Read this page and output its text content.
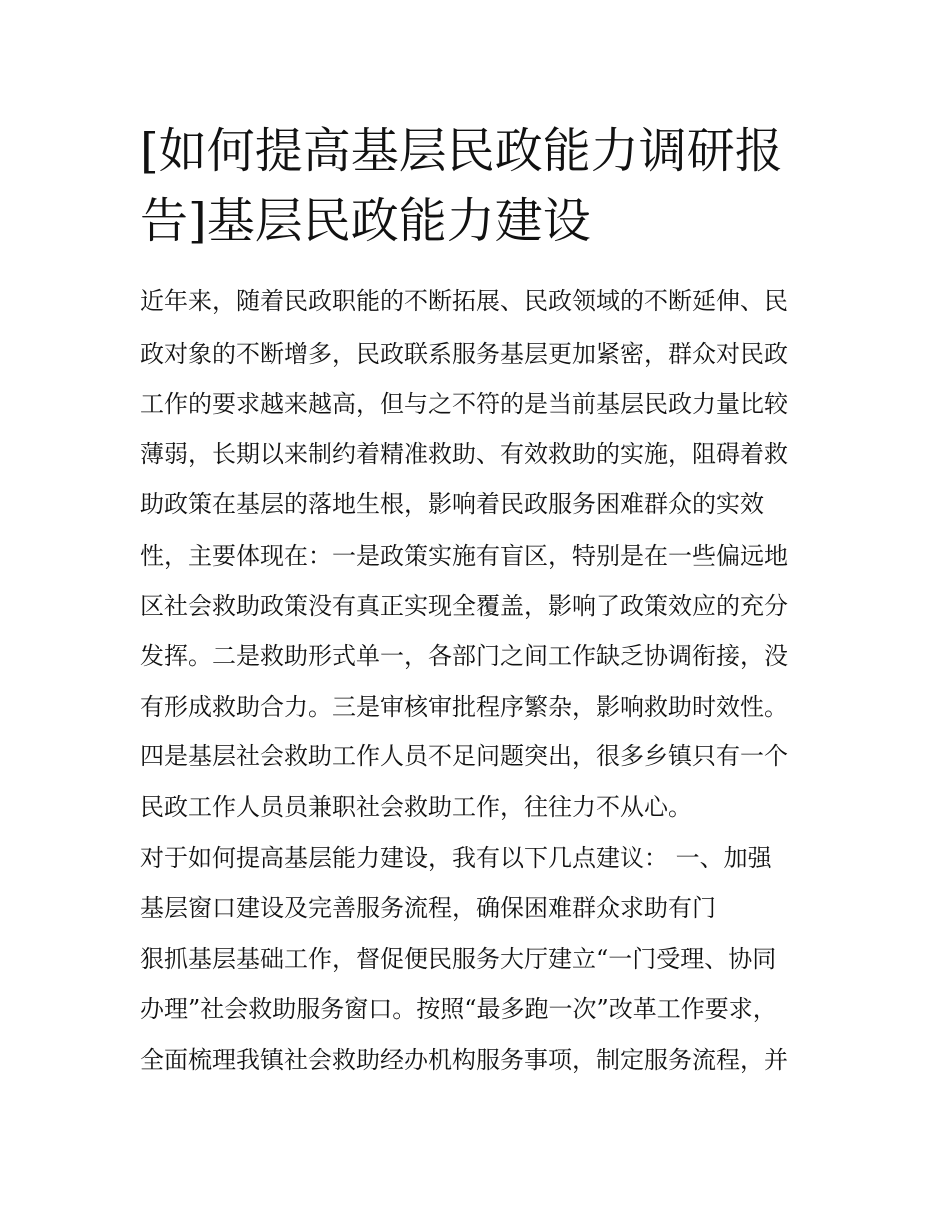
[如何提高基层民政能力调研报告]基层民政能力建设
近年来，随着民政职能的不断拓展、民政领域的不断延伸、民
政对象的不断增多，民政联系服务基层更加紧密，群众对民政
工作的要求越来越高，但与之不符的是当前基层民政力量比较
薄弱，长期以来制约着精准救助、有效救助的实施，阻碍着救
助政策在基层的落地生根，影响着民政服务困难群众的实效
性，主要体现在：一是政策实施有盲区，特别是在一些偏远地
区社会救助政策没有真正实现全覆盖，影响了政策效应的充分
发挥。二是救助形式单一，各部门之间工作缺乏协调衔接，没
有形成救助合力。三是审核审批程序繁杂，影响救助时效性。
四是基层社会救助工作人员不足问题突出，很多乡镇只有一个
民政工作人员员兼职社会救助工作，往往力不从心。
对于如何提高基层能力建设，我有以下几点建议： 一、加强
基层窗口建设及完善服务流程，确保困难群众求助有门
狠抓基层基础工作，督促便民服务大厅建立“一门受理、协同
办理”社会救助服务窗口。按照“最多跑一次”改革工作要求，
全面梳理我镇社会救助经办机构服务事项，制定服务流程，并
